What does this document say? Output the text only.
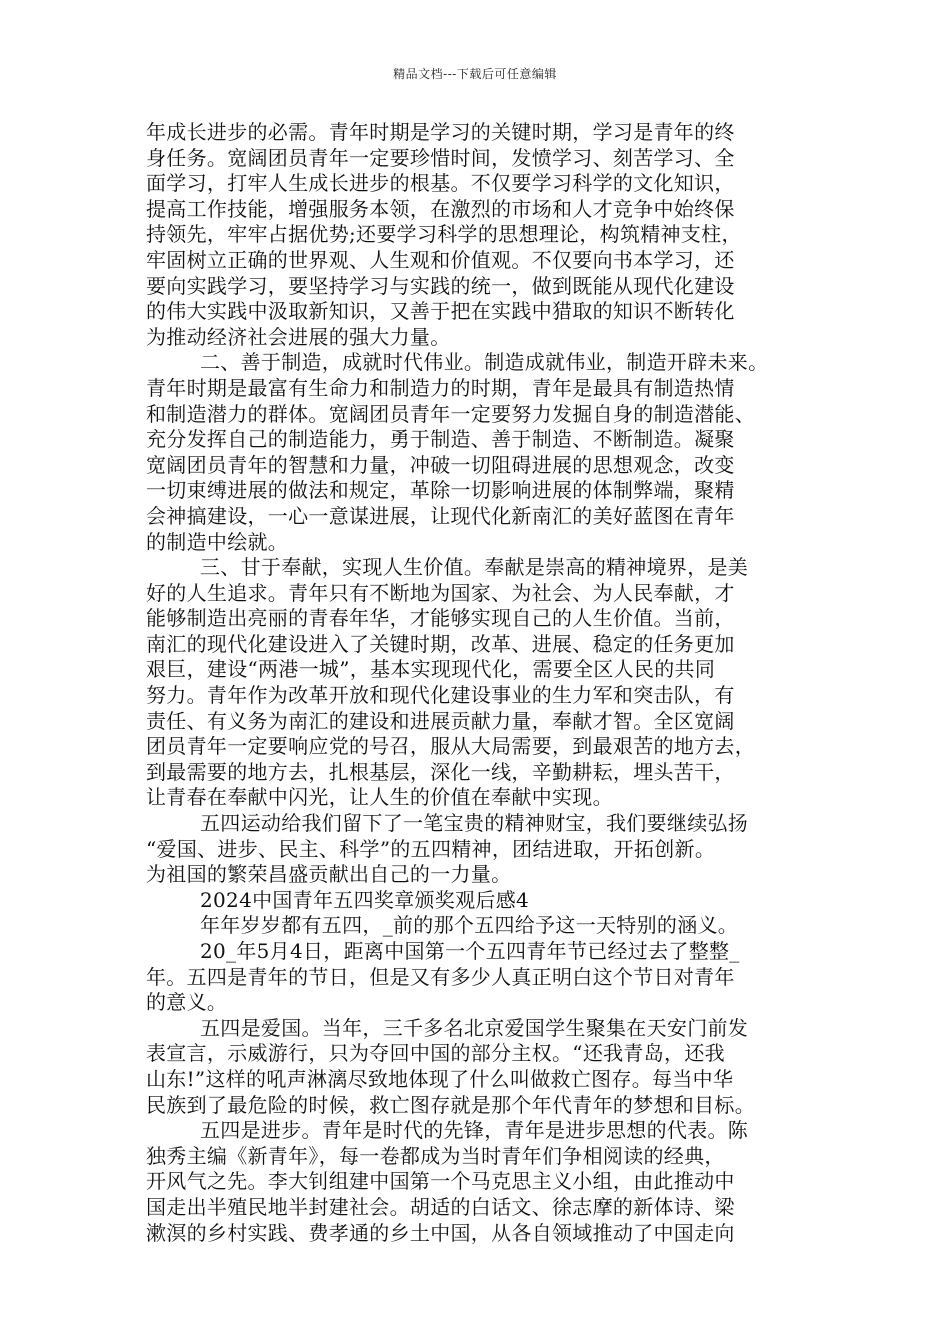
精品文档---下载后可任意编辑
年成长进步的必需。青年时期是学习的关键时期，学习是青年的终
身任务。宽阔团员青年一定要珍惜时间，发愤学习、刻苦学习、全
面学习，打牢人生成长进步的根基。不仅要学习科学的文化知识，
提高工作技能，增强服务本领，在激烈的市场和人才竞争中始终保
持领先，牢牢占据优势;还要学习科学的思想理论，构筑精神支柱，
牢固树立正确的世界观、人生观和价值观。不仅要向书本学习，还
要向实践学习，要坚持学习与实践的统一，做到既能从现代化建设
的伟大实践中汲取新知识，又善于把在实践中猎取的知识不断转化
为推动经济社会进展的强大力量。
二、善于制造，成就时代伟业。制造成就伟业，制造开辟未来。
青年时期是最富有生命力和制造力的时期，青年是最具有制造热情
和制造潜力的群体。宽阔团员青年一定要努力发掘自身的制造潜能、
充分发挥自己的制造能力，勇于制造、善于制造、不断制造。凝聚
宽阔团员青年的智慧和力量，冲破一切阻碍进展的思想观念，改变
一切束缚进展的做法和规定，革除一切影响进展的体制弊端，聚精
会神搞建设，一心一意谋进展，让现代化新南汇的美好蓝图在青年
的制造中绘就。
三、甘于奉献，实现人生价值。奉献是崇高的精神境界，是美
好的人生追求。青年只有不断地为国家、为社会、为人民奉献，才
能够制造出亮丽的青春年华，才能够实现自己的人生价值。当前，
南汇的现代化建设进入了关键时期，改革、进展、稳定的任务更加
艰巨，建设“两港一城”，基本实现现代化，需要全区人民的共同
努力。青年作为改革开放和现代化建设事业的生力军和突击队，有
责任、有义务为南汇的建设和进展贡献力量，奉献才智。全区宽阔
团员青年一定要响应党的号召，服从大局需要，到最艰苦的地方去，
到最需要的地方去，扎根基层，深化一线，辛勤耕耘，埋头苦干，
让青春在奉献中闪光，让人生的价值在奉献中实现。
五四运动给我们留下了一笔宝贵的精神财宝，我们要继续弘扬
“爱国、进步、民主、科学”的五四精神，团结进取，开拓创新。
为祖国的繁荣昌盛贡献出自己的一力量。
2024中国青年五四奖章颁奖观后感4
年年岁岁都有五四，_前的那个五四给予这一天特别的涵义。
20_年5月4日，距离中国第一个五四青年节已经过去了整整_
年。五四是青年的节日，但是又有多少人真正明白这个节日对青年
的意义。
五四是爱国。当年，三千多名北京爱国学生聚集在天安门前发
表宣言，示威游行，只为夺回中国的部分主权。“还我青岛，还我
山东!”这样的吼声淋漓尽致地体现了什么叫做救亡图存。每当中华
民族到了最危险的时候，救亡图存就是那个年代青年的梦想和目标。
五四是进步。青年是时代的先锋，青年是进步思想的代表。陈
独秀主编《新青年》，每一卷都成为当时青年们争相阅读的经典，
开风气之先。李大钊组建中国第一个马克思主义小组，由此推动中
国走出半殖民地半封建社会。胡适的白话文、徐志摩的新体诗、梁
漱溟的乡村实践、费孝通的乡土中国，从各自领域推动了中国走向
